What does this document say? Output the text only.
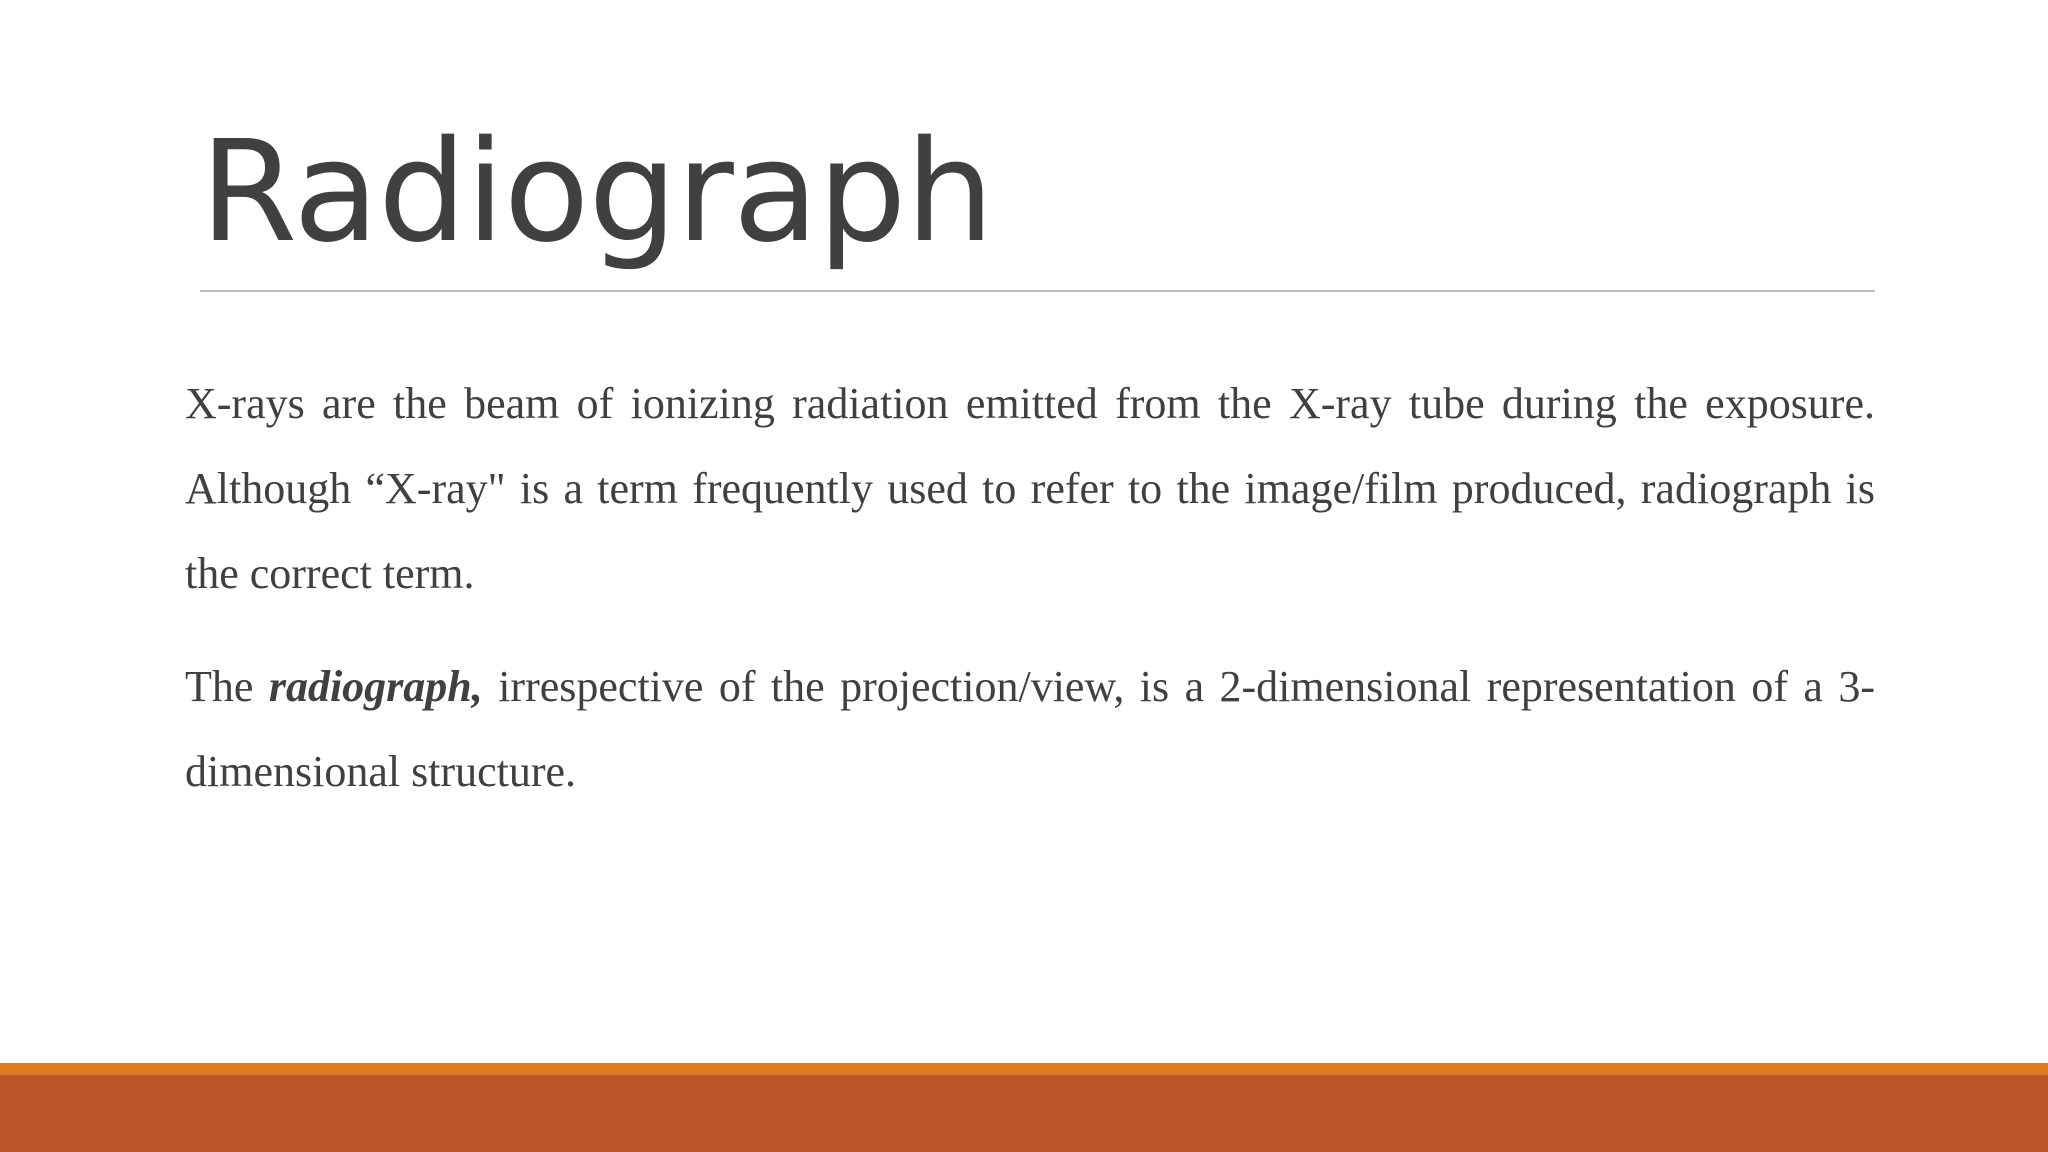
Radiograph

X-rays are the beam of ionizing radiation emitted from the X-ray tube during the exposure. Although “X-ray" is a term frequently used to refer to the image/film produced, radiograph is the correct term.

The radiograph, irrespective of the projection/view, is a 2-dimensional representation of a 3-dimensional structure.
